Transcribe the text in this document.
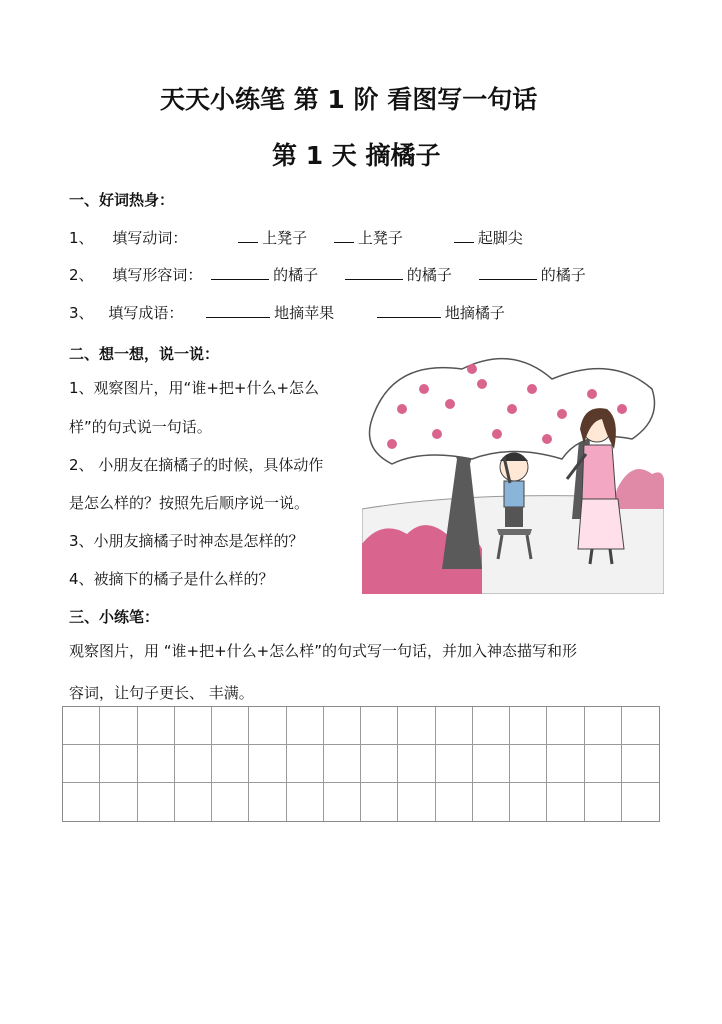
天天小练笔 第 1 阶 看图写一句话
第 1 天 摘橘子
一、好词热身：
1、 填写动词：	上凳子	上凳子	起脚尖
2、 填写形容词：	的橘子	的橘子	的橘子
3、 填写成语：	地摘苹果	地摘橘子
二、想一想，说一说：
1、观察图片，用“谁+把+什么+怎么
样”的句式说一句话。
2、 小朋友在摘橘子的时候，具体动作
是怎么样的？按照先后顺序说一说。
3、小朋友摘橘子时神态是怎样的？
4、被摘下的橘子是什么样的？
三、小练笔：
观察图片，用 “谁+把+什么+怎么样”的句式写一句话，并加入神态描写和形
容词，让句子更长、 丰满。
